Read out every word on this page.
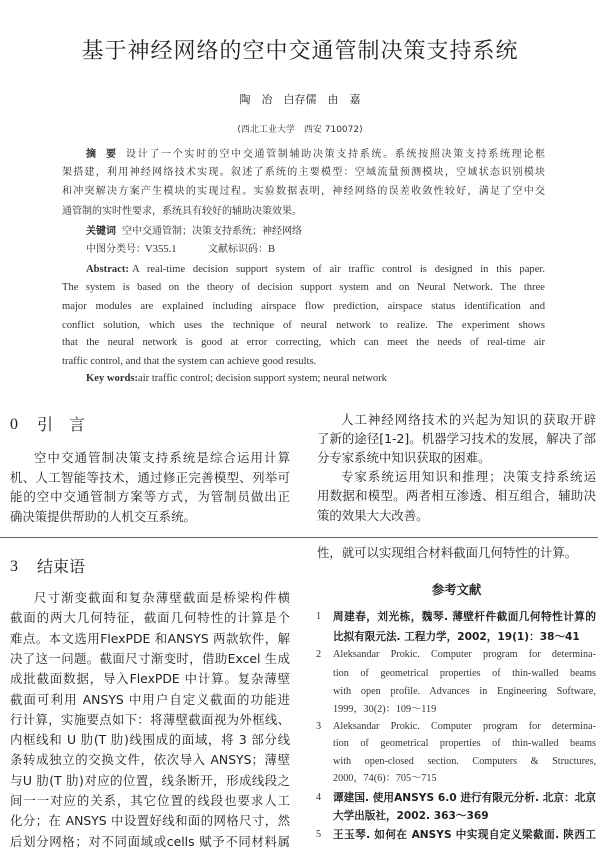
基于神经网络的空中交通管制决策支持系统
陶　冶　白存儒　由　嘉
(西北工业大学　西安 710072)
设计了一个实时的空中交通管制辅助决策支持系统。系统按照决策支持系统理论框
架搭建，利用神经网络技术实现。叙述了系统的主要模型：空域流量预测模块，空域状态识别模块
和冲突解决方案产生模块的实现过程。实验数据表明，神经网络的误差收敛性较好，满足了空中交
通管制的实时性要求，系统具有较好的辅助决策效果。
摘　要
关键词 空中交通管制；决策支持系统；神经网络
中图分类号： V355.1	文献标识码： B
A real-time decision support system of air traffic control is designed in this paper.
The system is based on the theory of decision support system and on Neural Network. The three
major modules are explained including airspace flow prediction, airspace status identification and
conflict solution, which uses the technique of neural network to realize. The experiment shows
that the neural network is good at error correcting, which can meet the needs of real-time air
traffic control, and that the system can achieve good results.
Abstract:
Key words: air traffic control; decision support system; neural network
0 引　言
空中交通管制决策支持系统是综合运用计算
机、人工智能等技术，通过修正完善模型、列举可
能的空中交通管制方案等方式，为管制员做出正
确决策提供帮助的人机交互系统。
人工神经网络技术的兴起为知识的获取开辟
了新的途径[1-2]。机器学习技术的发展，解决了部
分专家系统中知识获取的困难。
专家系统运用知识和推理；决策支持系统运
用数据和模型。两者相互渗透、相互组合，辅助决
策的效果大大改善。
3 结束语
尺寸渐变截面和复杂薄壁截面是桥梁构件横
截面的两大几何特征，截面几何特性的计算是个
难点。本文选用FlexPDE 和ANSYS 两款软件，解
决了这一问题。截面尺寸渐变时，借助Excel 生成
成批截面数据，导入FlexPDE 中计算。复杂薄壁
截面可利用 ANSYS 中用户自定义截面的功能进
行计算，实施要点如下：将薄壁截面视为外框线、
内框线和 U 肋(T 肋)线围成的面域，将 3 部分线
条转成独立的交换文件，依次导入 ANSYS；薄壁
与U 肋(T 肋)对应的位置，线条断开，形成线段之
间一一对应的关系，其它位置的线段也要求人工
化分；在 ANSYS 中设置好线和面的网格尺寸，然
后划分网格；对不同面域或cells 赋予不同材料属
性，就可以实现组合材料截面几何特性的计算。
参考文献
1 周建春，刘光栋，魏琴. 薄壁杆件截面几何特性计算的
比拟有限元法. 工程力学，2002，19(1)：38～41
2 Aleksandar Prokic. Computer program for determina-
tion of geometrical properties of thin-walled beams
with open profile. Advances in Engineering Software,
1999，30(2)：109～119
3 Aleksandar Prokic. Computer program for determina-
tion of geometrical properties of thin-walled beams
with open-closed section. Computers & Structures,
2000，74(6)：705～715
4 谭建国. 使用ANSYS 6.0 进行有限元分析. 北京：北京
大学出版社，2002. 363～369
5 王玉琴. 如何在 ANSYS 中实现自定义梁截面. 陕西工
